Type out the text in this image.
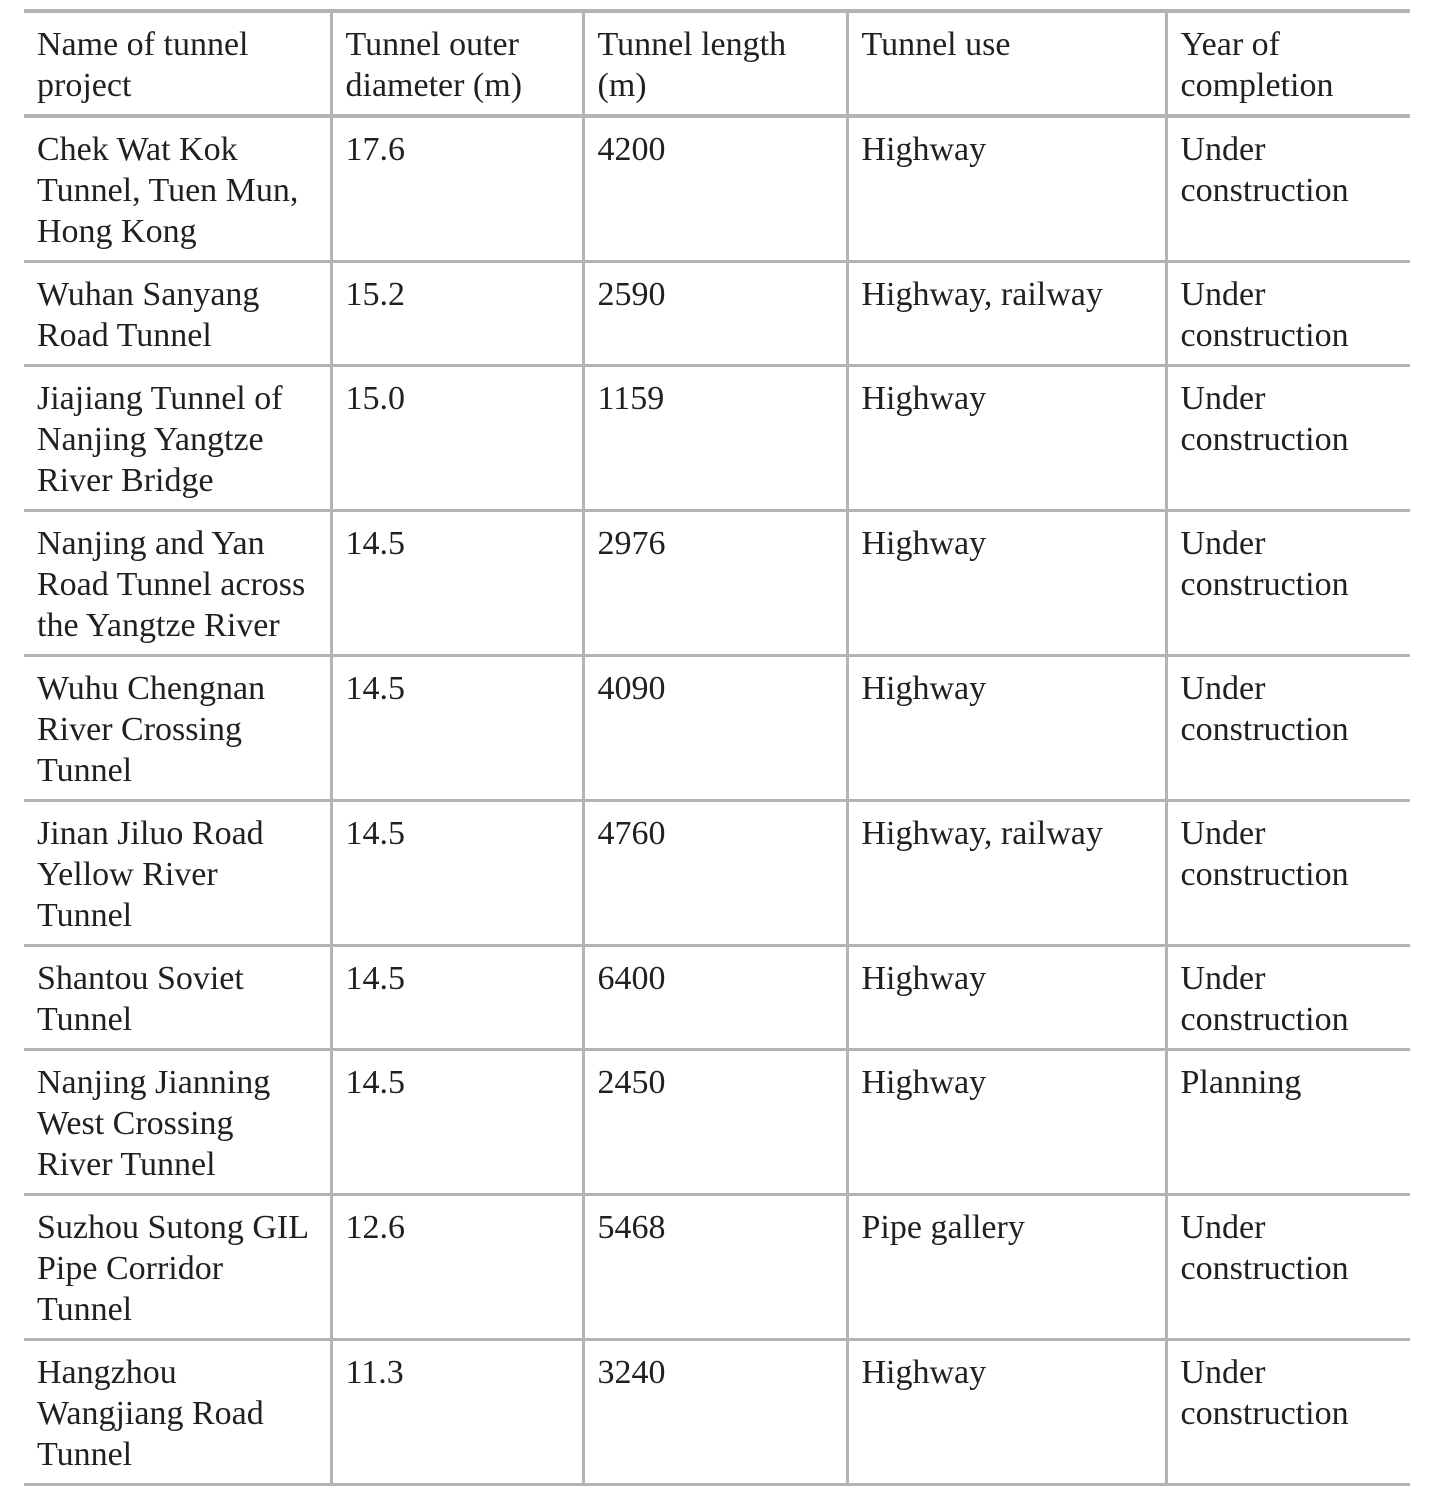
Name of tunnel project	Tunnel outer diameter (m)	Tunnel length (m)	Tunnel use	Year of completion
Chek Wat Kok Tunnel, Tuen Mun, Hong Kong	17.6	4200	Highway	Under construction
Wuhan Sanyang Road Tunnel	15.2	2590	Highway, railway	Under construction
Jiajiang Tunnel of Nanjing Yangtze River Bridge	15.0	1159	Highway	Under construction
Nanjing and Yan Road Tunnel across the Yangtze River	14.5	2976	Highway	Under construction
Wuhu Chengnan River Crossing Tunnel	14.5	4090	Highway	Under construction
Jinan Jiluo Road Yellow River Tunnel	14.5	4760	Highway, railway	Under construction
Shantou Soviet Tunnel	14.5	6400	Highway	Under construction
Nanjing Jianning West Crossing River Tunnel	14.5	2450	Highway	Planning
Suzhou Sutong GIL Pipe Corridor Tunnel	12.6	5468	Pipe gallery	Under construction
Hangzhou Wangjiang Road Tunnel	11.3	3240	Highway	Under construction
